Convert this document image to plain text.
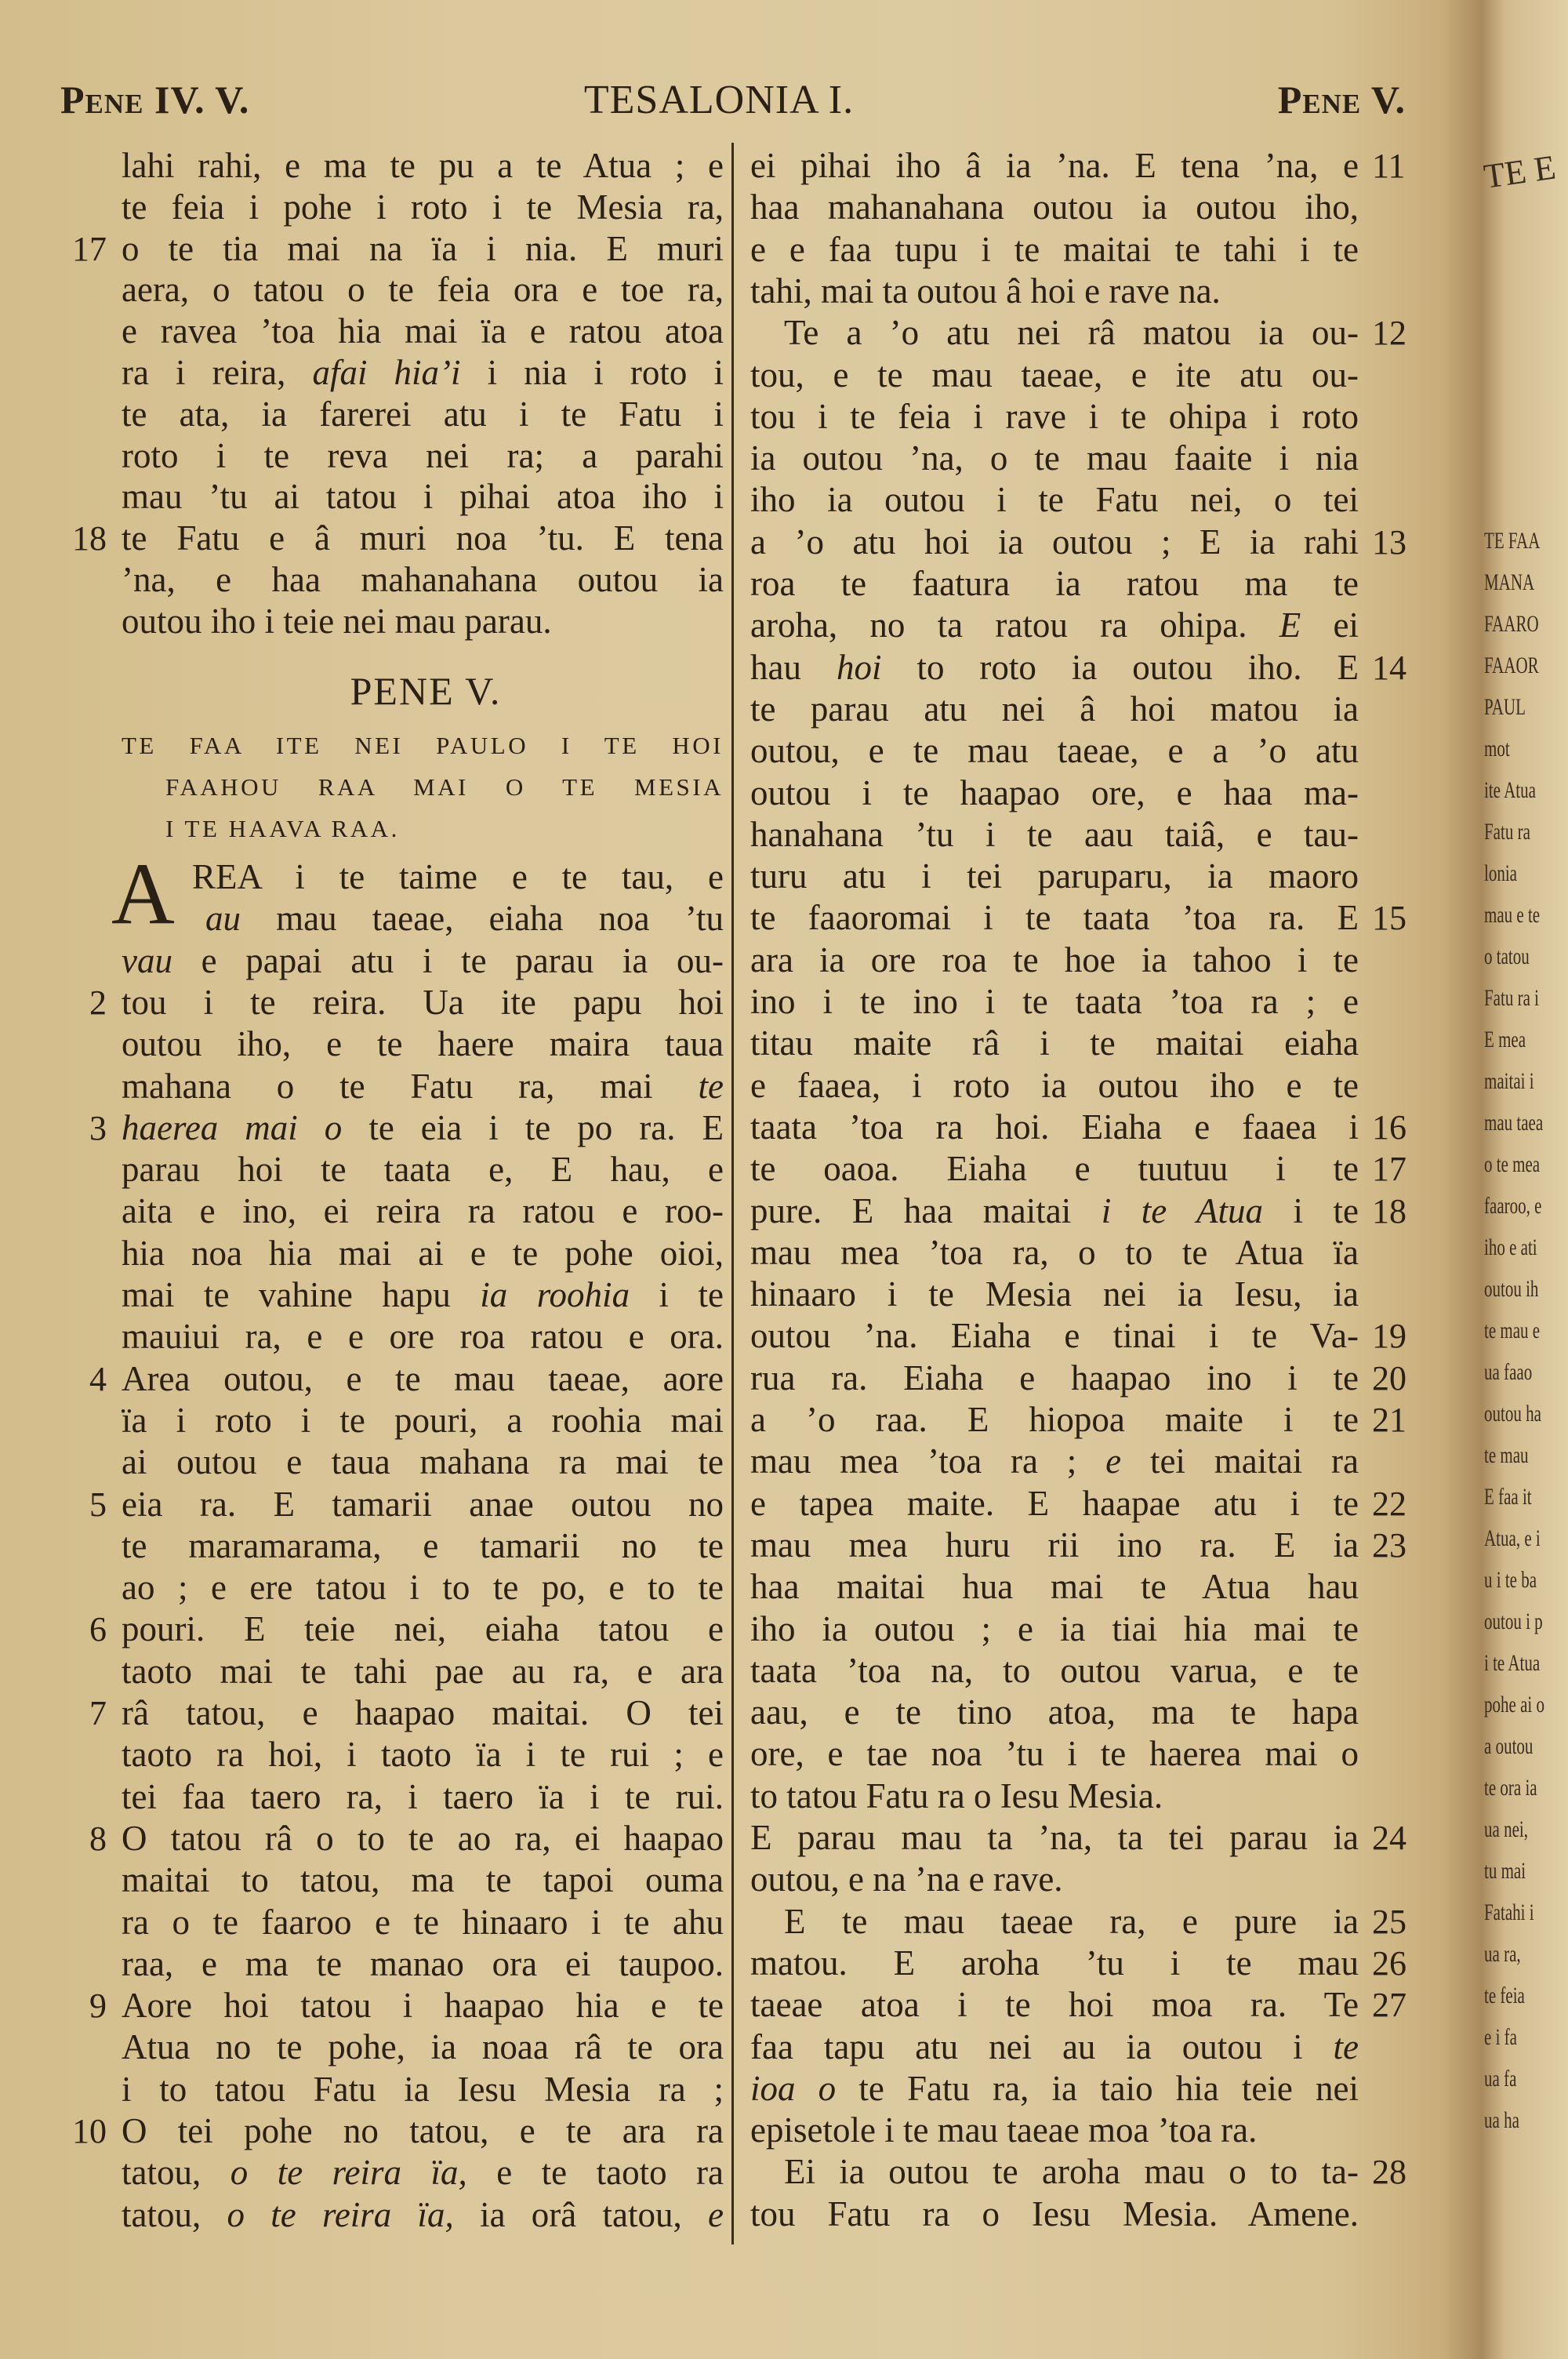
Pene IV. V.	TESALONIA I.	Pene V.
lahi rahi, e ma te pu a te Atua ; e
te feia i pohe i roto i te Mesia ra,
17 o te tia mai na ïa i nia. E muri
aera, o tatou o te feia ora e toe ra,
e ravea ’toa hia mai ïa e ratou atoa
ra i reira, afai hia’i i nia i roto i
te ata, ia farerei atu i te Fatu i
roto i te reva nei ra; a parahi
mau ’tu ai tatou i pihai atoa iho i
18 te Fatu e â muri noa ’tu. E tena
’na, e haa mahanahana outou ia
outou iho i teie nei mau parau.
REA i te taime e te tau, e
au mau taeae, eiaha noa ’tu
vau e papai atu i te parau ia ou-
2 tou i te reira. Ua ite papu hoi
outou iho, e te haere maira taua
mahana o te Fatu ra, mai te
3 haerea mai o te eia i te po ra. E
parau hoi te taata e, E hau, e
aita e ino, ei reira ra ratou e roo-
hia noa hia mai ai e te pohe oioi,
mai te vahine hapu ia roohia i te
mauiui ra, e e ore roa ratou e ora.
4 Area outou, e te mau taeae, aore
ïa i roto i te pouri, a roohia mai
ai outou e taua mahana ra mai te
5 eia ra. E tamarii anae outou no
te maramarama, e tamarii no te
ao ; e ere tatou i to te po, e to te
6 pouri. E teie nei, eiaha tatou e
taoto mai te tahi pae au ra, e ara
7 râ tatou, e haapao maitai. O tei
taoto ra hoi, i taoto ïa i te rui ; e
tei faa taero ra, i taero ïa i te rui.
8 O tatou râ o to te ao ra, ei haapao
maitai to tatou, ma te tapoi ouma
ra o te faaroo e te hinaaro i te ahu
raa, e ma te manao ora ei taupoo.
9 Aore hoi tatou i haapao hia e te
Atua no te pohe, ia noaa râ te ora
i to tatou Fatu ia Iesu Mesia ra ;
10 O tei pohe no tatou, e te ara ra
tatou, o te reira ïa, e te taoto ra
tatou, o te reira ïa, ia orâ tatou, e
PENE V.
TE FAA ITE NEI PAULO I TE HOI
FAAHOU RAA MAI O TE MESIA
I TE HAAVA RAA.
A
11
ei pihai iho â ia ’na. E tena ’na, e
haa mahanahana outou ia outou iho,
e e faa tupu i te maitai te tahi i te
tahi, mai ta outou â hoi e rave na.
12
Te a ’o atu nei râ matou ia ou-
tou, e te mau taeae, e ite atu ou-
tou i te feia i rave i te ohipa i roto
ia outou ’na, o te mau faaite i nia
iho ia outou i te Fatu nei, o tei
13
a ’o atu hoi ia outou ; E ia rahi
roa te faatura ia ratou ma te
aroha, no ta ratou ra ohipa. E ei
14
hau hoi to roto ia outou iho. E
te parau atu nei â hoi matou ia
outou, e te mau taeae, e a ’o atu
outou i te haapao ore, e haa ma-
hanahana ’tu i te aau taiâ, e tau-
turu atu i tei paruparu, ia maoro
15
te faaoromai i te taata ’toa ra. E
ara ia ore roa te hoe ia tahoo i te
ino i te ino i te taata ’toa ra ; e
titau maite râ i te maitai eiaha
e faaea, i roto ia outou iho e te
16
taata ’toa ra hoi. Eiaha e faaea i
17
te oaoa. Eiaha e tuutuu i te
18
pure. E haa maitai i te Atua i te
mau mea ’toa ra, o to te Atua ïa
hinaaro i te Mesia nei ia Iesu, ia
19
outou ’na. Eiaha e tinai i te Va-
20
rua ra. Eiaha e haapao ino i te
21
a ’o raa. E hiopoa maite i te
mau mea ’toa ra ; e tei maitai ra
22
e tapea maite. E haapae atu i te
23
mau mea huru rii ino ra. E ia
haa maitai hua mai te Atua hau
iho ia outou ; e ia tiai hia mai te
taata ’toa na, to outou varua, e te
aau, e te tino atoa, ma te hapa
ore, e tae noa ’tu i te haerea mai o
to tatou Fatu ra o Iesu Mesia.
24
E parau mau ta ’na, ta tei parau ia
outou, e na ’na e rave.
25
E te mau taeae ra, e pure ia
26
matou. E aroha ’tu i te mau
27
taeae atoa i te hoi moa ra. Te
faa tapu atu nei au ia outou i te
ioa o te Fatu ra, ia taio hia teie nei
episetole i te mau taeae moa ’toa ra.
28
Ei ia outou te aroha mau o to ta-
tou Fatu ra o Iesu Mesia. Amene.
TE E
TE FAA
MANA
FAARO
FAAOR
PAUL
mot
ite Atua
Fatu ra
lonia
mau e te
o tatou
Fatu ra i
E mea
maitai i
mau taea
o te mea
faaroo, e
iho e ati
outou ih
te mau e
ua faao
outou ha
te mau
E faa it
Atua, e i
u i te ba
outou i p
i te Atua
pohe ai o
a outou
te ora ia
ua nei,
tu mai
Fatahi i
ua ra,
te feia
e i fa
ua fa
ua ha
